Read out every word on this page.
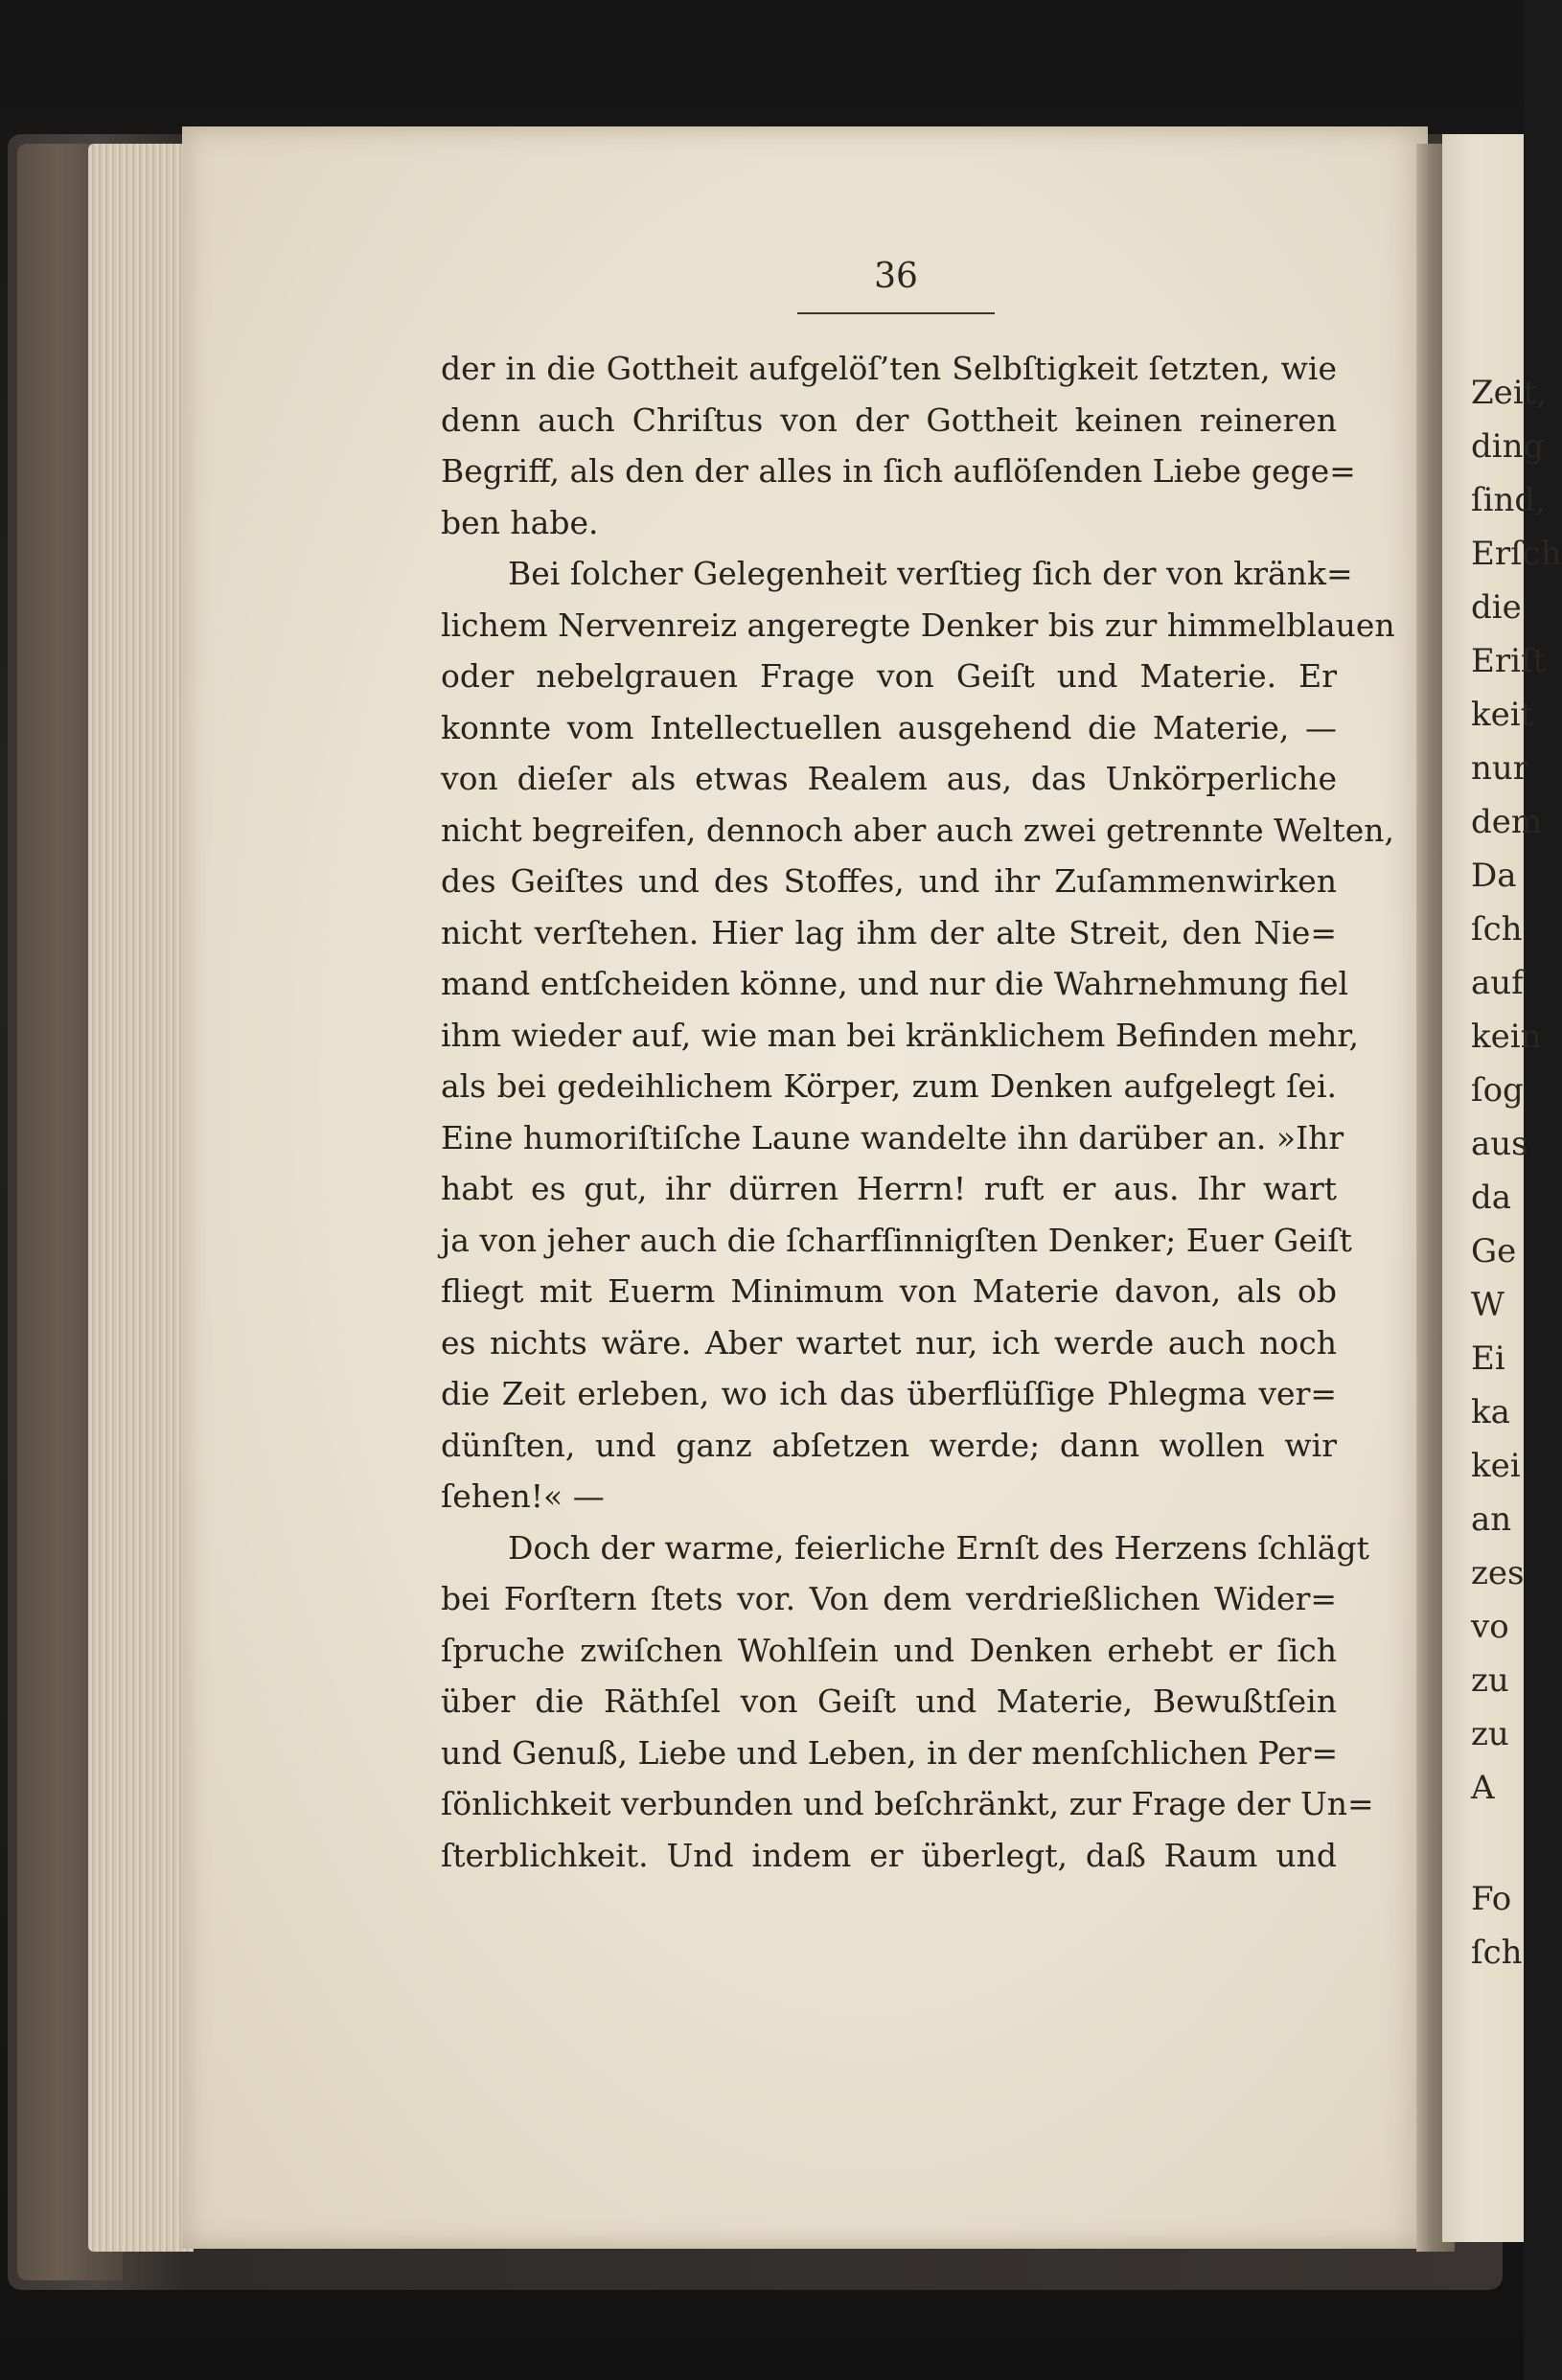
Zeit,
ding
ſind,
Erſch
die
Eriſt
keit
nur
dem
Da
ſch
auf
kein
ſog
aus
da
Ge
W
Ei
ka
kei
an
zes
vo
zu
zu
A
Fo
ſch
36
der in die Gottheit aufgelöſ’ten Selbſtigkeit ſetzten, wie
denn auch Chriſtus von der Gottheit keinen reineren
Begriff, als den der alles in ſich auflöſenden Liebe gege=
ben habe.
Bei ſolcher Gelegenheit verſtieg ſich der von kränk=
lichem Nervenreiz angeregte Denker bis zur himmelblauen
oder nebelgrauen Frage von Geiſt und Materie. Er
konnte vom Intellectuellen ausgehend die Materie, —
von dieſer als etwas Realem aus, das Unkörperliche
nicht begreifen, dennoch aber auch zwei getrennte Welten,
des Geiſtes und des Stoffes, und ihr Zuſammenwirken
nicht verſtehen. Hier lag ihm der alte Streit, den Nie=
mand entſcheiden könne, und nur die Wahrnehmung fiel
ihm wieder auf, wie man bei kränklichem Befinden mehr,
als bei gedeihlichem Körper, zum Denken aufgelegt ſei.
Eine humoriſtiſche Laune wandelte ihn darüber an. »Ihr
habt es gut, ihr dürren Herrn! ruft er aus. Ihr wart
ja von jeher auch die ſcharfſinnigſten Denker; Euer Geiſt
fliegt mit Euerm Minimum von Materie davon, als ob
es nichts wäre. Aber wartet nur, ich werde auch noch
die Zeit erleben, wo ich das überflüſſige Phlegma ver=
dünſten, und ganz abſetzen werde; dann wollen wir
ſehen!« —
Doch der warme, feierliche Ernſt des Herzens ſchlägt
bei Forſtern ſtets vor. Von dem verdrießlichen Wider=
ſpruche zwiſchen Wohlſein und Denken erhebt er ſich
über die Räthſel von Geiſt und Materie, Bewußtſein
und Genuß, Liebe und Leben, in der menſchlichen Per=
ſönlichkeit verbunden und beſchränkt, zur Frage der Un=
ſterblichkeit. Und indem er überlegt, daß Raum und
